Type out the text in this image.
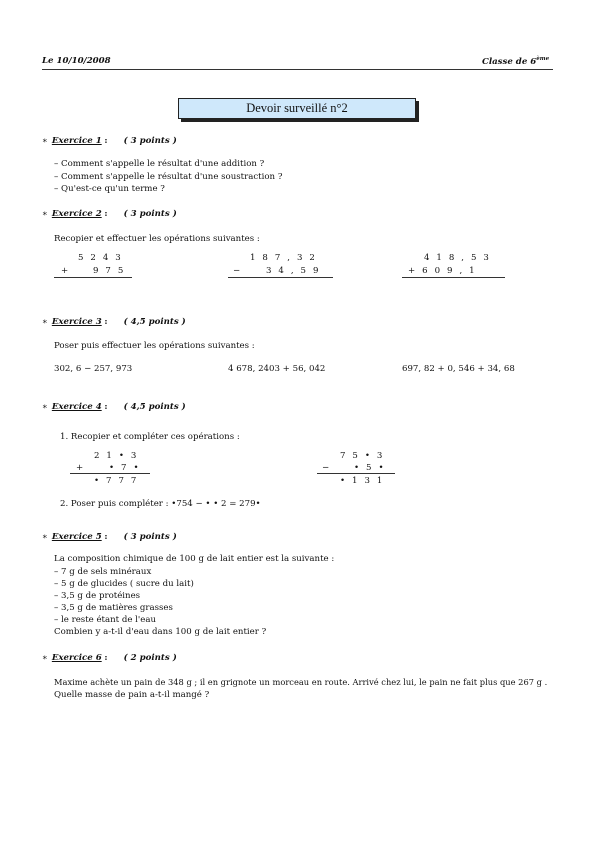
Le 10/10/2008	Classe de 6ème
Devoir surveillé n°2
∗ Exercice 1 : ( 3 points )
– Comment s'appelle le résultat d'une addition ?
– Comment s'appelle le résultat d'une soustraction ?
– Qu'est-ce qu'un terme ?
∗ Exercice 2 : ( 3 points )
Recopier et effectuer les opérations suivantes :
5  2  4  3
+	9  7  5
1  8  7  ,  3  2
−	3  4  ,  5  9
4  1  8  ,  5  3
+  6  0  9  ,  1
∗ Exercice 3 : ( 4,5 points )
Poser puis effectuer les opérations suivantes :
302, 6 − 257, 973	4 678, 2403 + 56, 042	697, 82 + 0, 546 + 34, 68
∗ Exercice 4 : ( 4,5 points )
1. Recopier et compléter ces opérations :
2  1  •  3
+	•  7  •
•  7  7  7
7  5  •  3
−	•  5  •
•  1  3  1
2. Poser puis compléter : •754 − • • 2 = 279•
∗ Exercice 5 : ( 3 points )
La composition chimique de 100 g de lait entier est la suivante :
– 7 g de sels minéraux
– 5 g de glucides ( sucre du lait)
– 3,5 g de protéines
– 3,5 g de matières grasses
– le reste étant de l'eau
Combien y a-t-il d'eau dans 100 g de lait entier ?
∗ Exercice 6 : ( 2 points )
Maxime achète un pain de 348 g ; il en grignote un morceau en route. Arrivé chez lui, le pain ne fait plus que 267 g .
Quelle masse de pain a-t-il mangé ?
